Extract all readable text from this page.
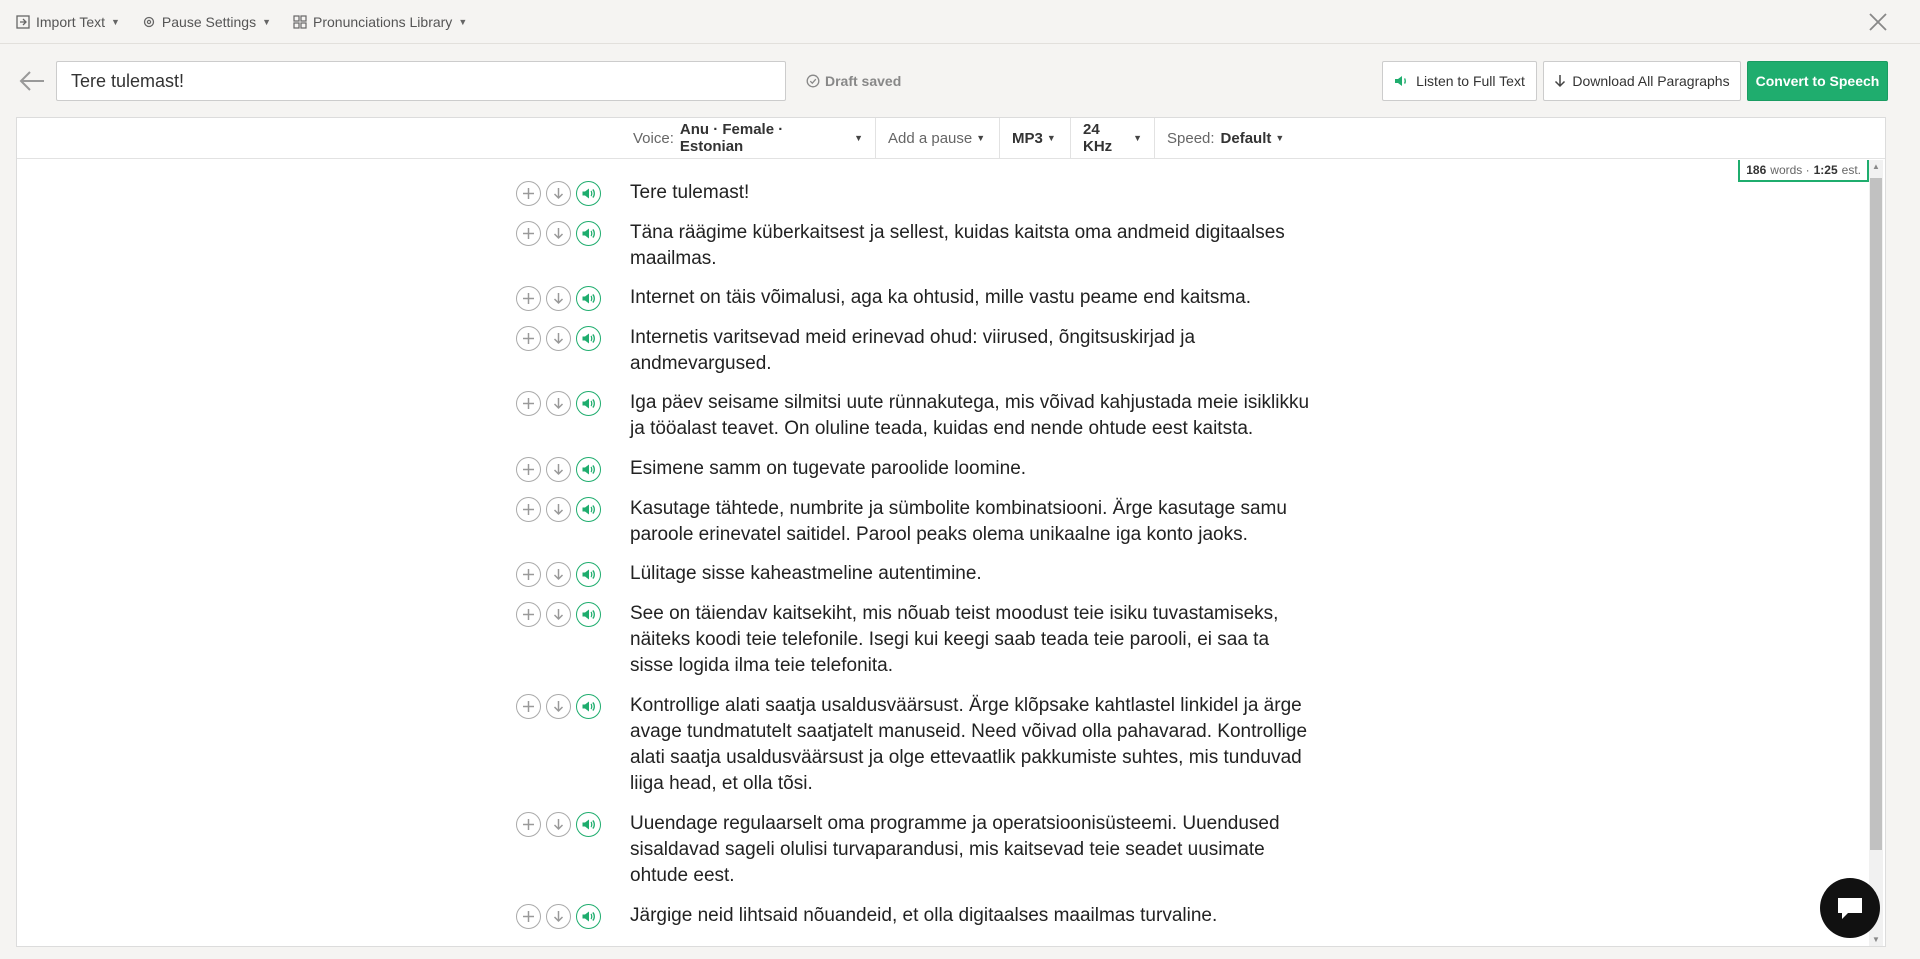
Import Text ▼	Pause Settings ▼	Pronunciations Library ▼
Tere tulemast!
Draft saved	Listen to Full Text	Download All Paragraphs	Convert to Speech
Voice: Anu · Female · Estonian	▼ Add a pause ▼ MP3 ▼ 24 KHz	▼ Speed: Default ▼
186 words · 1:25 est. ▲
▼
Tere tulemast!
Täna räägime küberkaitsest ja sellest, kuidas kaitsta oma andmeid digitaalses maailmas.
Internet on täis võimalusi, aga ka ohtusid, mille vastu peame end kaitsma.
Internetis varitsevad meid erinevad ohud: viirused, õngitsuskirjad ja andmevargused.
Iga päev seisame silmitsi uute rünnakutega, mis võivad kahjustada meie isiklikku ja tööalast teavet. On oluline teada, kuidas end nende ohtude eest kaitsta.
Esimene samm on tugevate paroolide loomine.
Kasutage tähtede, numbrite ja sümbolite kombinatsiooni. Ärge kasutage samu paroole erinevatel saitidel. Parool peaks olema unikaalne iga konto jaoks.
Lülitage sisse kaheastmeline autentimine.
See on täiendav kaitsekiht, mis nõuab teist moodust teie isiku tuvastamiseks, näiteks koodi teie telefonile. Isegi kui keegi saab teada teie parooli, ei saa ta sisse logida ilma teie telefonita.
Kontrollige alati saatja usaldusväärsust. Ärge klõpsake kahtlastel linkidel ja ärge avage tundmatutelt saatjatelt manuseid. Need võivad olla pahavarad. Kontrollige alati saatja usaldusväärsust ja olge ettevaatlik pakkumiste suhtes, mis tunduvad liiga head, et olla tõsi.
Uuendage regulaarselt oma programme ja operatsioonisüsteemi. Uuendused sisaldavad sageli olulisi turvaparandusi, mis kaitsevad teie seadet uusimate ohtude eest.
Järgige neid lihtsaid nõuandeid, et olla digitaalses maailmas turvaline.
